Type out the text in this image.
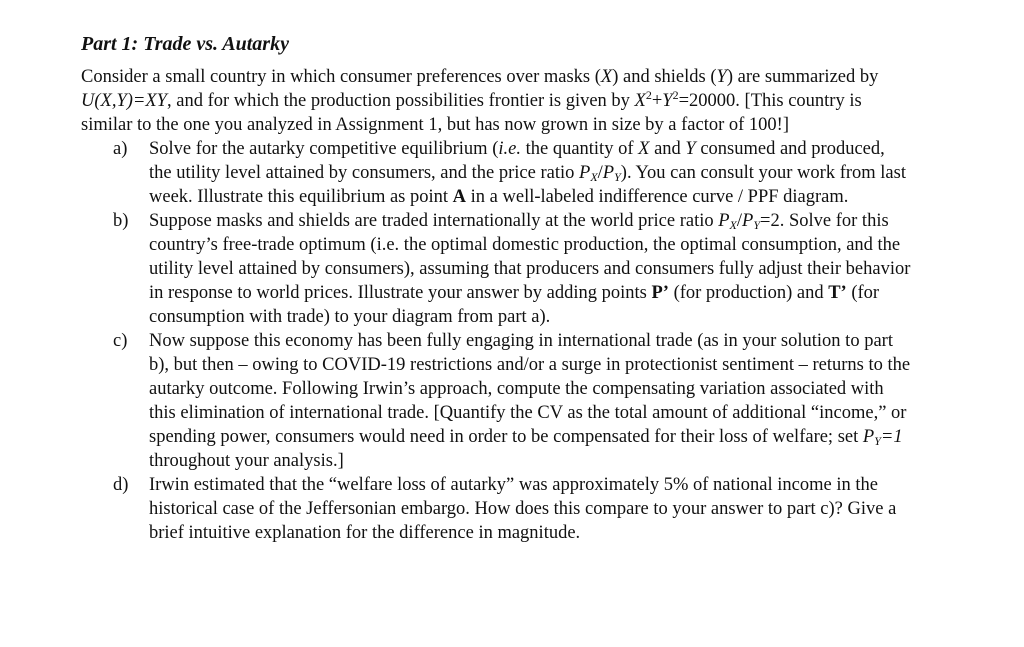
Part 1: Trade vs. Autarky

Consider a small country in which consumer preferences over masks (X) and shields (Y) are summarized by U(X,Y)=XY, and for which the production possibilities frontier is given by $X^2+Y^2=20000$. [This country is similar to the one you analyzed in Assignment 1, but has now grown in size by a factor of 100!]

a) Solve for the autarky competitive equilibrium (i.e. the quantity of X and Y consumed and produced, the utility level attained by consumers, and the price ratio $P_X/P_Y$). You can consult your work from last week. Illustrate this equilibrium as point A in a well-labeled indifference curve / PPF diagram.
b) Suppose masks and shields are traded internationally at the world price ratio $P_X/P_Y=2$. Solve for this country’s free-trade optimum (i.e. the optimal domestic production, the optimal consumption, and the utility level attained by consumers), assuming that producers and consumers fully adjust their behavior in response to world prices. Illustrate your answer by adding points P’ (for production) and T’ (for consumption with trade) to your diagram from part a).
c) Now suppose this economy has been fully engaging in international trade (as in your solution to part b), but then – owing to COVID-19 restrictions and/or a surge in protectionist sentiment – returns to the autarky outcome. Following Irwin’s approach, compute the compensating variation associated with this elimination of international trade. [Quantify the CV as the total amount of additional “income,” or spending power, consumers would need in order to be compensated for their loss of welfare; set $P_Y=1$ throughout your analysis.]
d) Irwin estimated that the “welfare loss of autarky” was approximately 5% of national income in the historical case of the Jeffersonian embargo. How does this compare to your answer to part c)? Give a brief intuitive explanation for the difference in magnitude.
